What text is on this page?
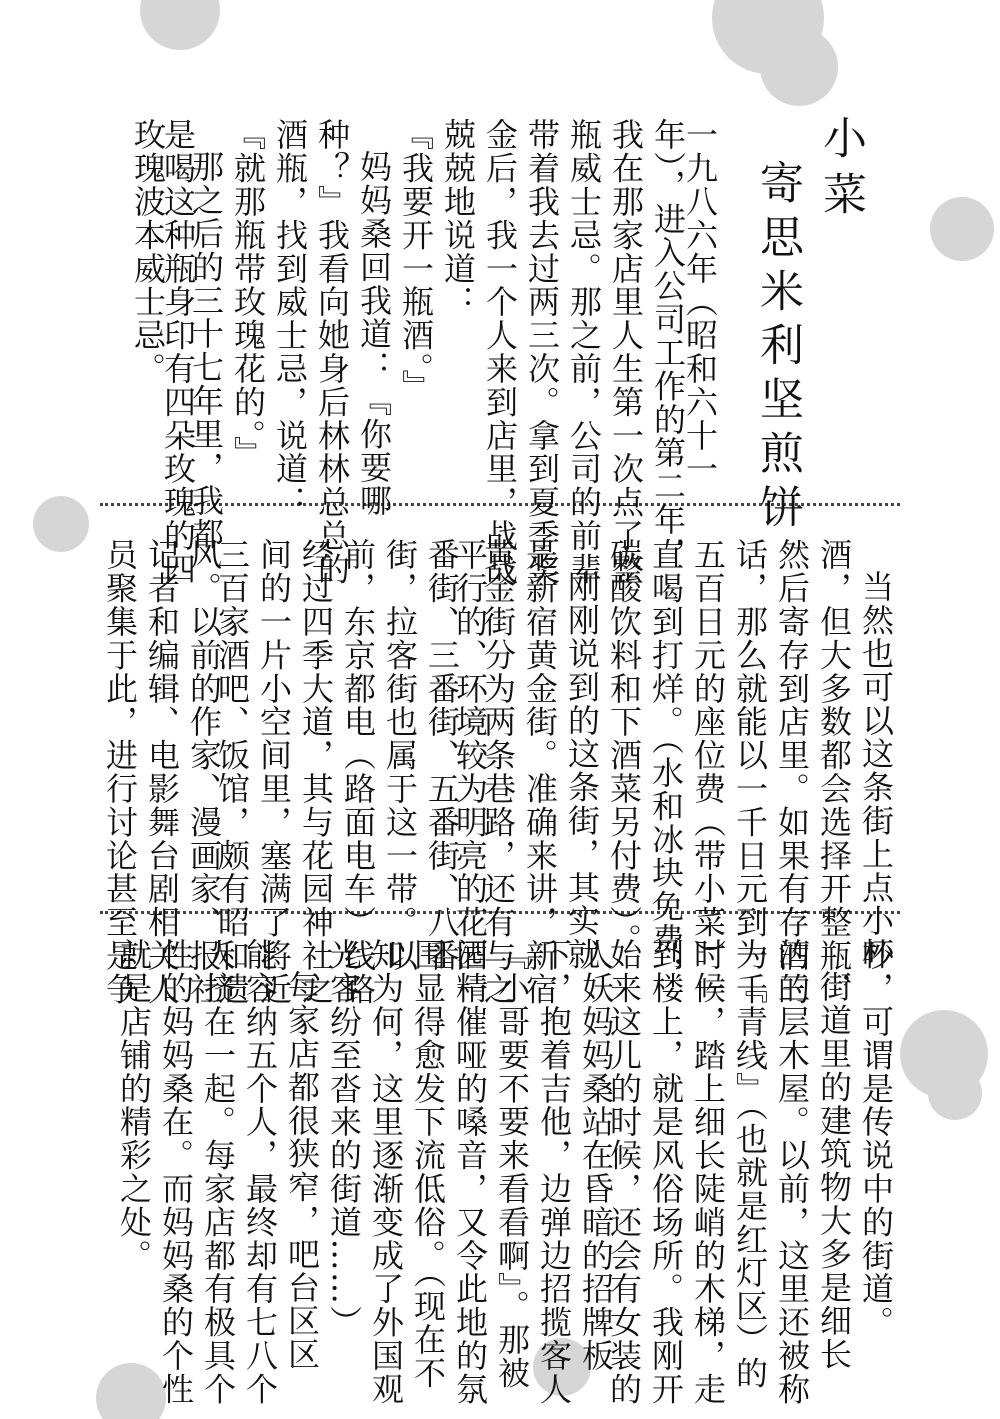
小菜
寄思米利坚煎饼
一九八六年（昭和六十一
年），进入公司工作的第二年，
我在那家店里人生第一次点了整
瓶威士忌。那之前，公司的前辈
带着我去过两三次。拿到夏季奖
金后，我一个人来到店里，战战
兢兢地说道：
『我要开一瓶酒。』
妈妈桑回我道：『你要哪
种？』我看向她身后林林总总的
酒瓶，找到威士忌，说道：
『就那瓶带玫瑰花的。』
那之后的三十七年里，我都
是喝这种瓶身印有四朵玫瑰的四
玫瑰波本威士忌。
当然也可以这条街上点小杯
酒，但大多数都会选择开整瓶，
然后寄存到店里。如果有存酒的
话，那么就能以一千日元到一千
五百日元的座位费（带小菜）一
直喝到打烊。（水和冰块免费，
碳酸饮料和下酒菜另付费）。
刚刚说到的这条街，其实就
是新宿黄金街。准确来讲，新宿
黄金街分为两条巷路，还有与之
平行的、环境较为明亮的花园一
番街、三番街、五番街、八番
街，拉客街也属于这一带。以
前，东京都电（路面电车）线路
经过四季大道，其与花园神社之
间的一片小空间里，塞满了将近
三百家酒吧、饭馆，颇有昭和遗
风。以前的作家、漫画家、报社
记者和编辑、电影舞台剧相关人
员聚集于此，进行讨论甚至是争
吵，可谓是传说中的街道。
街道里的建筑物大多是细长
的三层木屋。以前，这里还被称
为『青线』（也就是红灯区）的
时候，踏上细长陡峭的木梯，走
到楼上，就是风俗场所。我刚开
始来这儿的时候，还会有女装的
人妖妈妈桑站在昏暗的招牌板
下，抱着吉他，边弹边招揽客人
『小哥要不要来看看啊』。那被
酒精催哑的嗓音，又令此地的氛
围显得愈发下流低俗。（现在不
知为何，这里逐渐变成了外国观
光客纷至沓来的街道……）
每家店都很狭窄，吧台区区
能容纳五个人，最终却有七八个
人挤在一起。每家店都有极具个
性的妈妈桑在。而妈妈桑的个性
就是店铺的精彩之处。
